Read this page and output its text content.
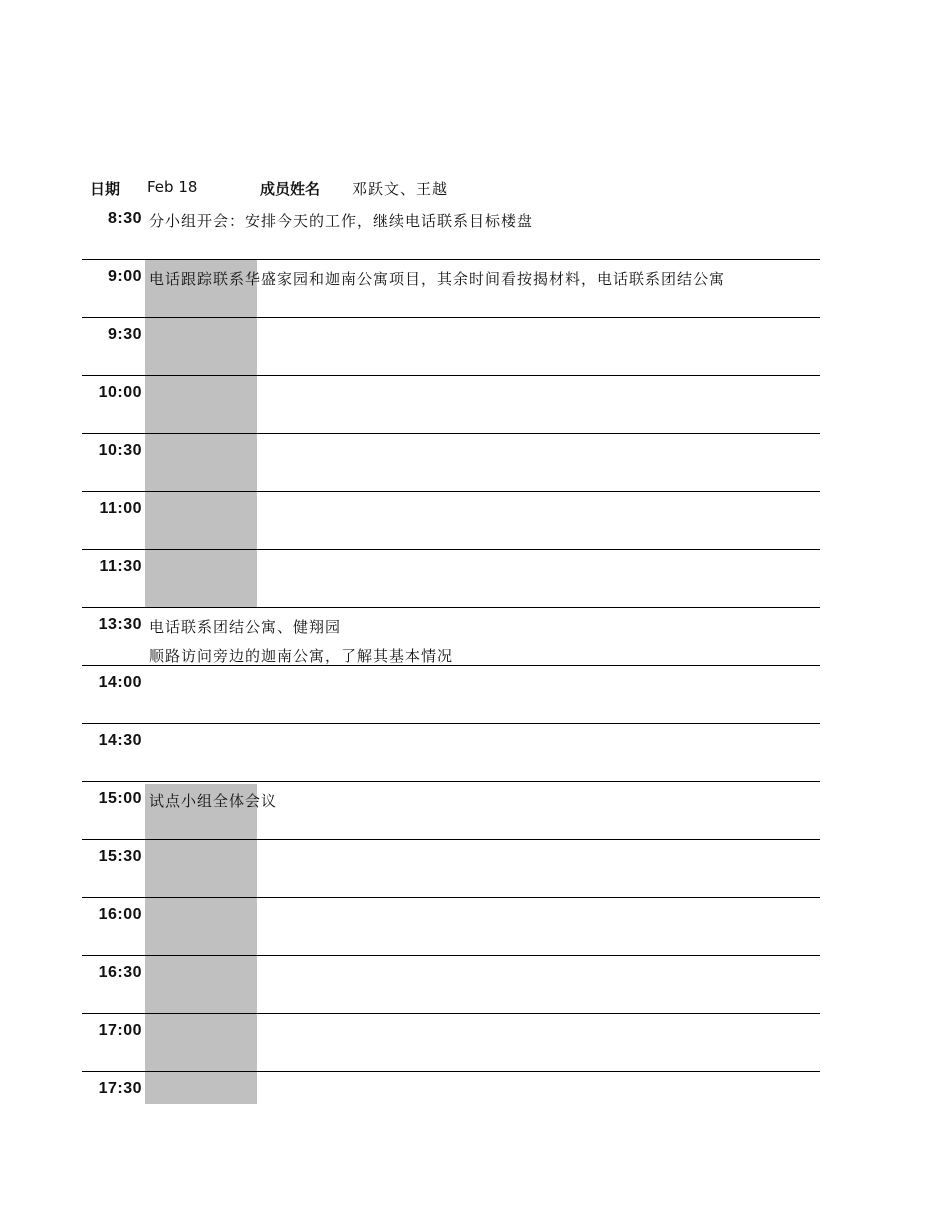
日期 Feb 18	成员姓名 邓跃文、王越
8:30 分小组开会：安排今天的工作，继续电话联系目标楼盘
9:00 电话跟踪联系华盛家园和迦南公寓项目，其余时间看按揭材料，电话联系团结公寓
9:30
10:00
10:30
11:00
11:30
13:30 电话联系团结公寓、健翔园
顺路访问旁边的迦南公寓，了解其基本情况
14:00
14:30
15:00 试点小组全体会议
15:30
16:00
16:30
17:00
17:30
